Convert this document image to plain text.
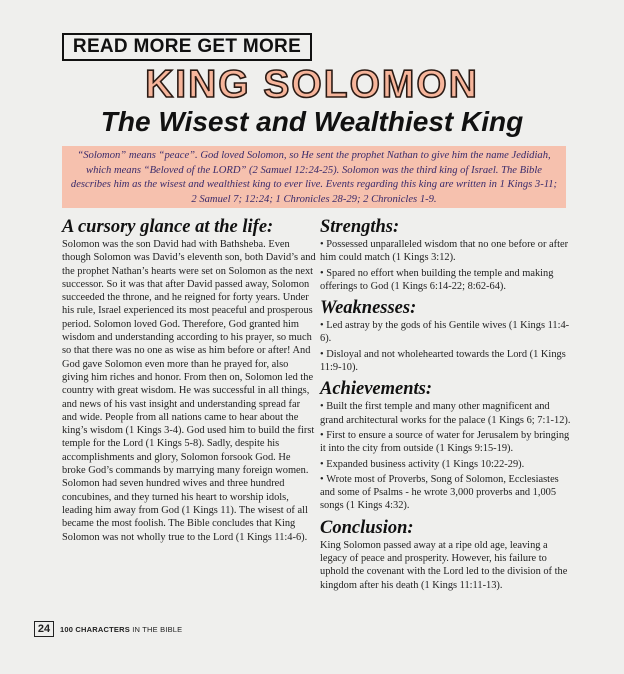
READ MORE GET MORE
KING SOLOMON
The Wisest and Wealthiest King
“Solomon” means “peace”. God loved Solomon, so He sent the prophet Nathan to give him the name Jedidiah, which means “Beloved of the LORD” (2 Samuel 12:24-25). Solomon was the third king of Israel. The Bible describes him as the wisest and wealthiest king to ever live. Events regarding this king are written in 1 Kings 3-11; 2 Samuel 7; 12:24; 1 Chronicles 28-29; 2 Chronicles 1-9.
A cursory glance at the life:

Solomon was the son David had with Bathsheba. Even though Solomon was David’s eleventh son, both David’s and the prophet Nathan’s hearts were set on Solomon as the next successor. So it was that after David passed away, Solomon succeeded the throne, and he reigned for forty years. Under his rule, Israel experienced its most peaceful and prosperous period. Solomon loved God. Therefore, God granted him wisdom and understanding according to his prayer, so much so that there was no one as wise as him before or after! And God gave Solomon even more than he prayed for, also giving him riches and honor. From then on, Solomon led the country with great wisdom. He was successful in all things, and news of his vast insight and understanding spread far and wide. People from all nations came to hear about the king’s wisdom (1 Kings 3-4). God used him to build the first temple for the Lord (1 Kings 5-8). Sadly, despite his accomplishments and glory, Solomon forsook God. He broke God’s commands by marrying many foreign women. Solomon had seven hundred wives and three hundred concubines, and they turned his heart to worship idols, leading him away from God (1 Kings 11). The wisest of all became the most foolish. The Bible concludes that King Solomon was not wholly true to the Lord (1 Kings 11:4-6).

Strengths:
• Possessed unparalleled wisdom that no one before or after him could match (1 Kings 3:12).
• Spared no effort when building the temple and making offerings to God (1 Kings 6:14-22; 8:62-64).
Weaknesses:
• Led astray by the gods of his Gentile wives (1 Kings 11:4-6).
• Disloyal and not wholehearted towards the Lord (1 Kings 11:9-10).
Achievements:
• Built the first temple and many other magnificent and grand architectural works for the palace (1 Kings 6; 7:1-12).
• First to ensure a source of water for Jerusalem by bringing it into the city from outside (1 Kings 9:15-19).
• Expanded business activity (1 Kings 10:22-29).
• Wrote most of Proverbs, Song of Solomon, Ecclesiastes and some of Psalms - he wrote 3,000 proverbs and 1,005 songs (1 Kings 4:32).
Conclusion:

King Solomon passed away at a ripe old age, leaving a legacy of peace and prosperity. However, his failure to uphold the covenant with the Lord led to the division of the kingdom after his death (1 Kings 11:11-13).

24	100 CHARACTERS IN THE BIBLE
